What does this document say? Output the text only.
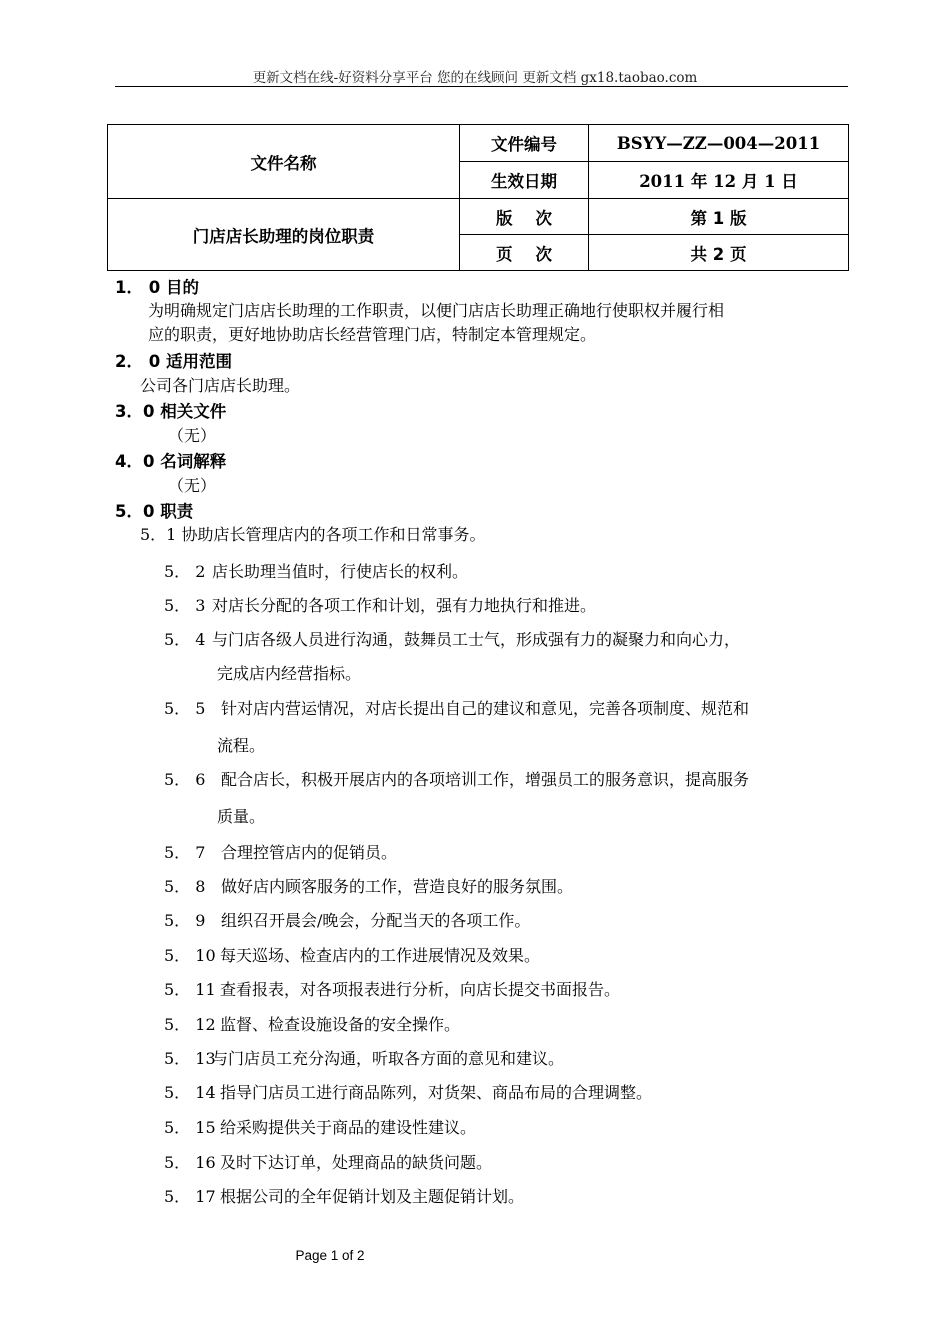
更新文档在线-好资料分享平台 您的在线顾问 更新文档 gx18.taobao.com
文件名称	文件编号	BSYY—ZZ—004—2011
	生效日期	2011 年 12 月 1 日
门店店长助理的岗位职责	版    次	第 1 版
	页    次	共 2 页
1． 0 目的
为明确规定门店店长助理的工作职责，以便门店店长助理正确地行使职权并履行相
应的职责，更好地协助店长经营管理门店，特制定本管理规定。
2． 0 适用范围
公司各门店店长助理。
3．0 相关文件
（无）
4．0 名词解释
（无）
5．0 职责
5．1 协助店长管理店内的各项工作和日常事务。
5． 2 店长助理当值时，行使店长的权利。
5． 3 对店长分配的各项工作和计划，强有力地执行和推进。
5． 4 与门店各级人员进行沟通，鼓舞员工士气，形成强有力的凝聚力和向心力，
完成店内经营指标。
5． 5 针对店内营运情况，对店长提出自己的建议和意见，完善各项制度、规范和
流程。
5． 6 配合店长，积极开展店内的各项培训工作，增强员工的服务意识，提高服务
质量。
5． 7 合理控管店内的促销员。
5． 8 做好店内顾客服务的工作，营造良好的服务氛围。
5． 9 组织召开晨会/晚会，分配当天的各项工作。
5． 10 每天巡场、检查店内的工作进展情况及效果。
5． 11 查看报表，对各项报表进行分析，向店长提交书面报告。
5． 12 监督、检查设施设备的安全操作。
5． 13与门店员工充分沟通，听取各方面的意见和建议。
5． 14 指导门店员工进行商品陈列，对货架、商品布局的合理调整。
5． 15 给采购提供关于商品的建设性建议。
5． 16 及时下达订单，处理商品的缺货问题。
5． 17 根据公司的全年促销计划及主题促销计划。
Page 1 of 2
